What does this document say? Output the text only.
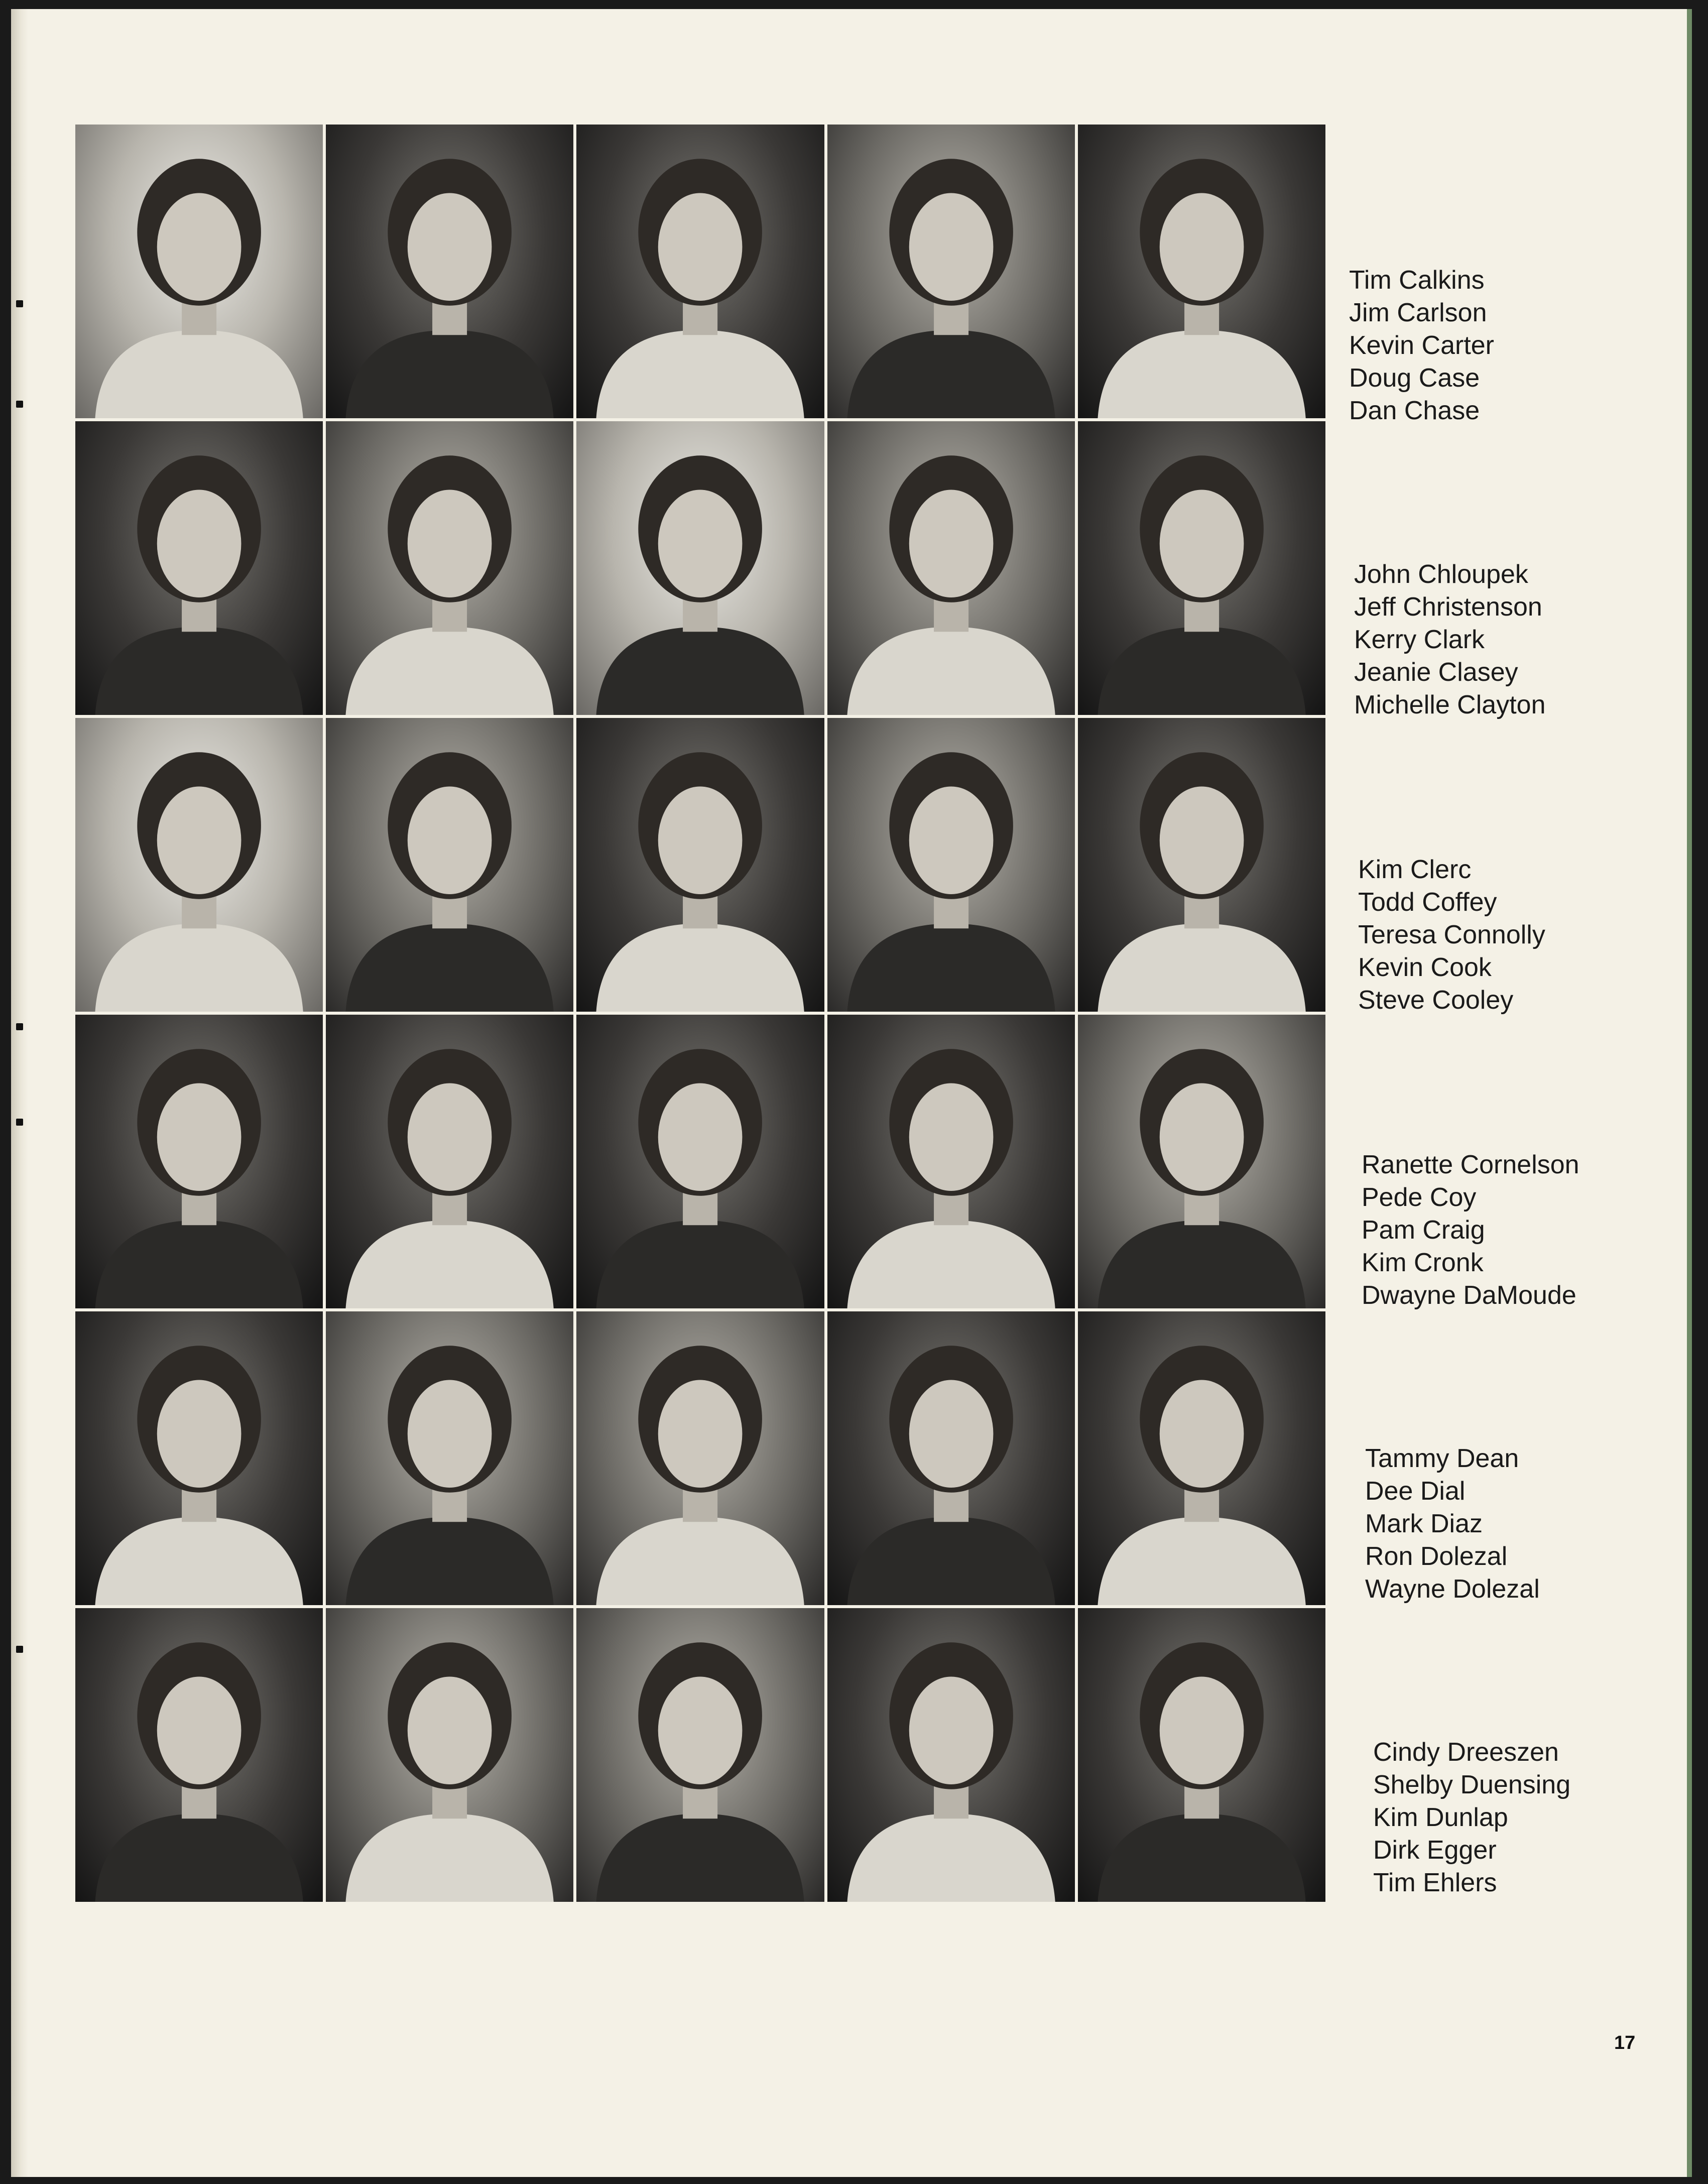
Tim Calkins
Jim Carlson
Kevin Carter
Doug Case
Dan Chase
John Chloupek
Jeff Christenson
Kerry Clark
Jeanie Clasey
Michelle Clayton
Kim Clerc
Todd Coffey
Teresa Connolly
Kevin Cook
Steve Cooley
Ranette Cornelson
Pede Coy
Pam Craig
Kim Cronk
Dwayne DaMoude
Tammy Dean
Dee Dial
Mark Diaz
Ron Dolezal
Wayne Dolezal
Cindy Dreeszen
Shelby Duensing
Kim Dunlap
Dirk Egger
Tim Ehlers
17
